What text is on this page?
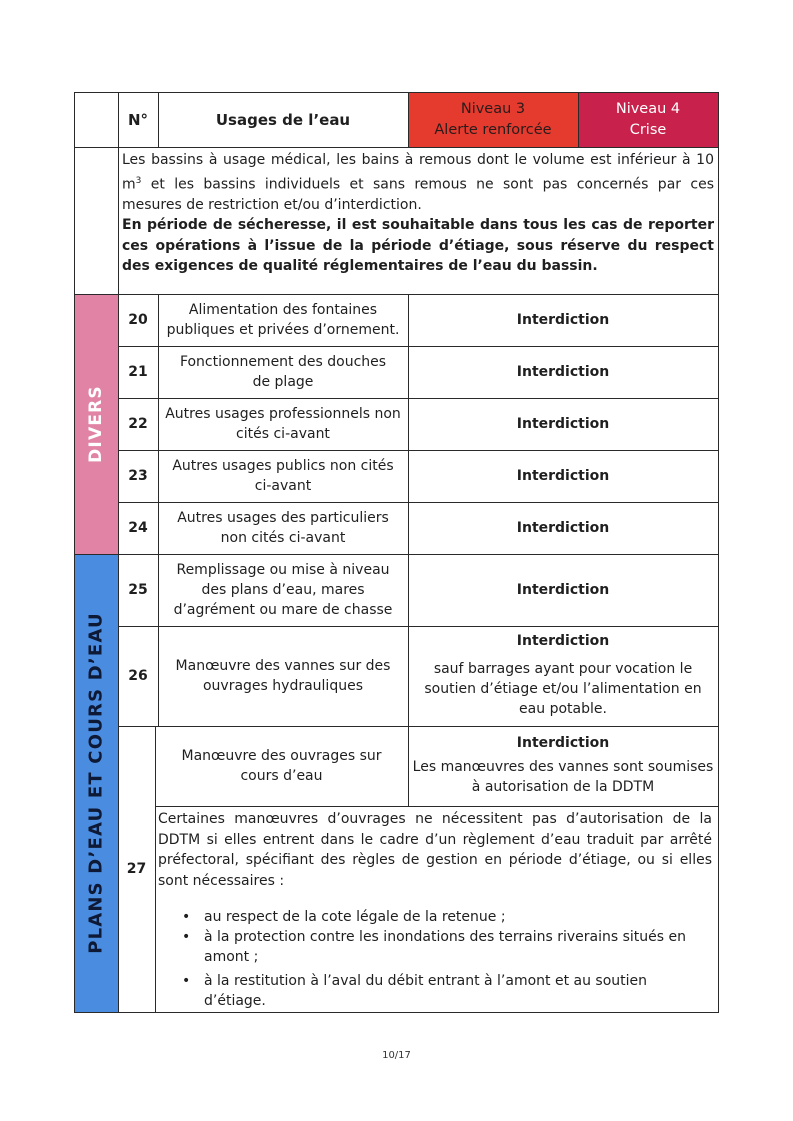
DIVERS
PLANS D’EAU ET COURS D’EAU
N°	Usages de l’eau
Niveau 3
Alerte renforcée
Niveau 4
Crise
Les bassins à usage médical, les bains à remous dont le volume est inférieur à 10 $m^3$ et les bassins individuels et sans remous ne sont pas concernés par ces mesures de restriction et/ou d’interdiction.
En période de sécheresse, il est souhaitable dans tous les cas de reporter ces opérations à l’issue de la période d’étiage, sous réserve du respect des exigences de qualité réglementaires de l’eau du bassin.
20
Alimentation des fontaines publiques et privées d’ornement.
Interdiction
21
Fonctionnement des douches de plage
Interdiction
22
Autres usages professionnels non cités ci-avant
Interdiction
23
Autres usages publics non cités ci-avant
Interdiction
24
Autres usages des particuliers non cités ci-avant
Interdiction
25
Remplissage ou mise à niveau des plans d’eau, mares d’agrément ou mare de chasse
Interdiction
26
Manœuvre des vannes sur des ouvrages hydrauliques
Interdiction
sauf barrages ayant pour vocation le soutien d’étiage et/ou l’alimentation en eau potable.
27
Manœuvre des ouvrages sur cours d’eau
Interdiction
Les manœuvres des vannes sont soumises à autorisation de la DDTM
Certaines manœuvres d’ouvrages ne nécessitent pas d’autorisation de la DDTM si elles entrent dans le cadre d’un règlement d’eau traduit par arrêté préfectoral, spécifiant des règles de gestion en période d’étiage, ou si elles sont nécessaires :
• au respect de la cote légale de la retenue ;
• à la protection contre les inondations des terrains riverains situés en amont ;
• à la restitution à l’aval du débit entrant à l’amont et au soutien d’étiage.
10/17
